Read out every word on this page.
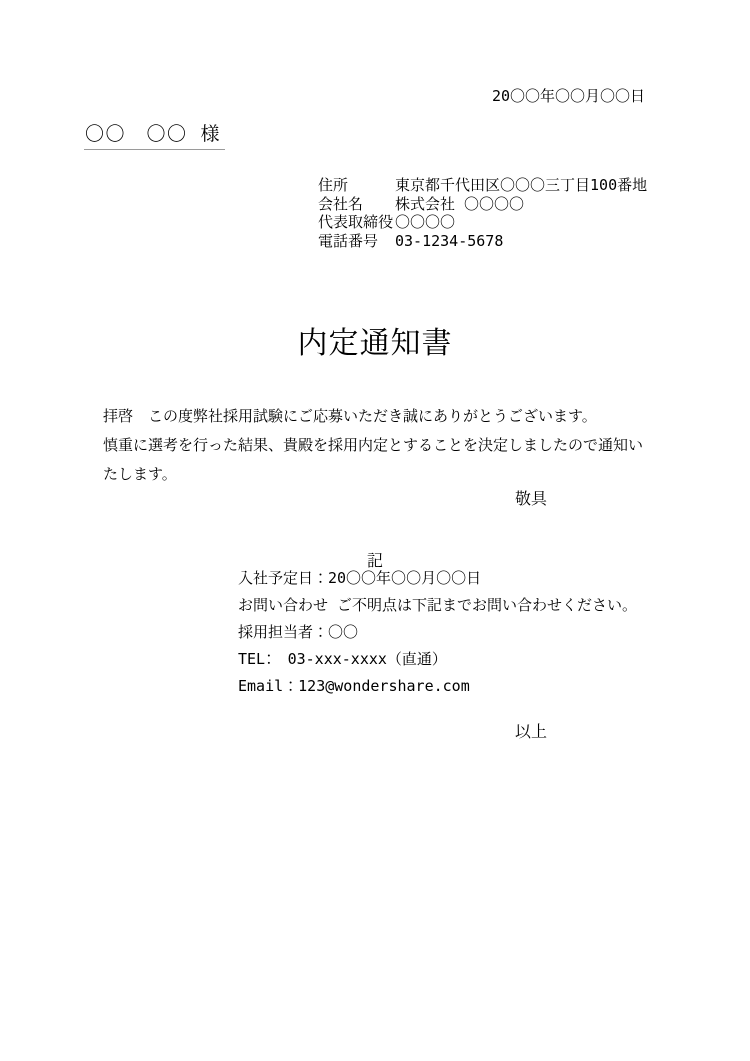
20〇〇年〇〇月〇〇日
〇〇　〇〇 様
住所	東京都千代田区〇〇〇三丁目100番地
会社名	株式会社 〇〇〇〇
代表取締役 〇〇〇〇
電話番号	03-1234-5678
内定通知書

拝啓　この度弊社採用試験にご応募いただき誠にありがとうございます。

慎重に選考を行った結果、貴殿を採用内定とすることを決定しましたので通知いたします。

敬具
記
入社予定日：20〇〇年〇〇月〇〇日
お問い合わせ ご不明点は下記までお問い合わせください。
採用担当者：〇〇
TEL：　03-xxx-xxxx（直通）
Email：123@wondershare.com
以上
